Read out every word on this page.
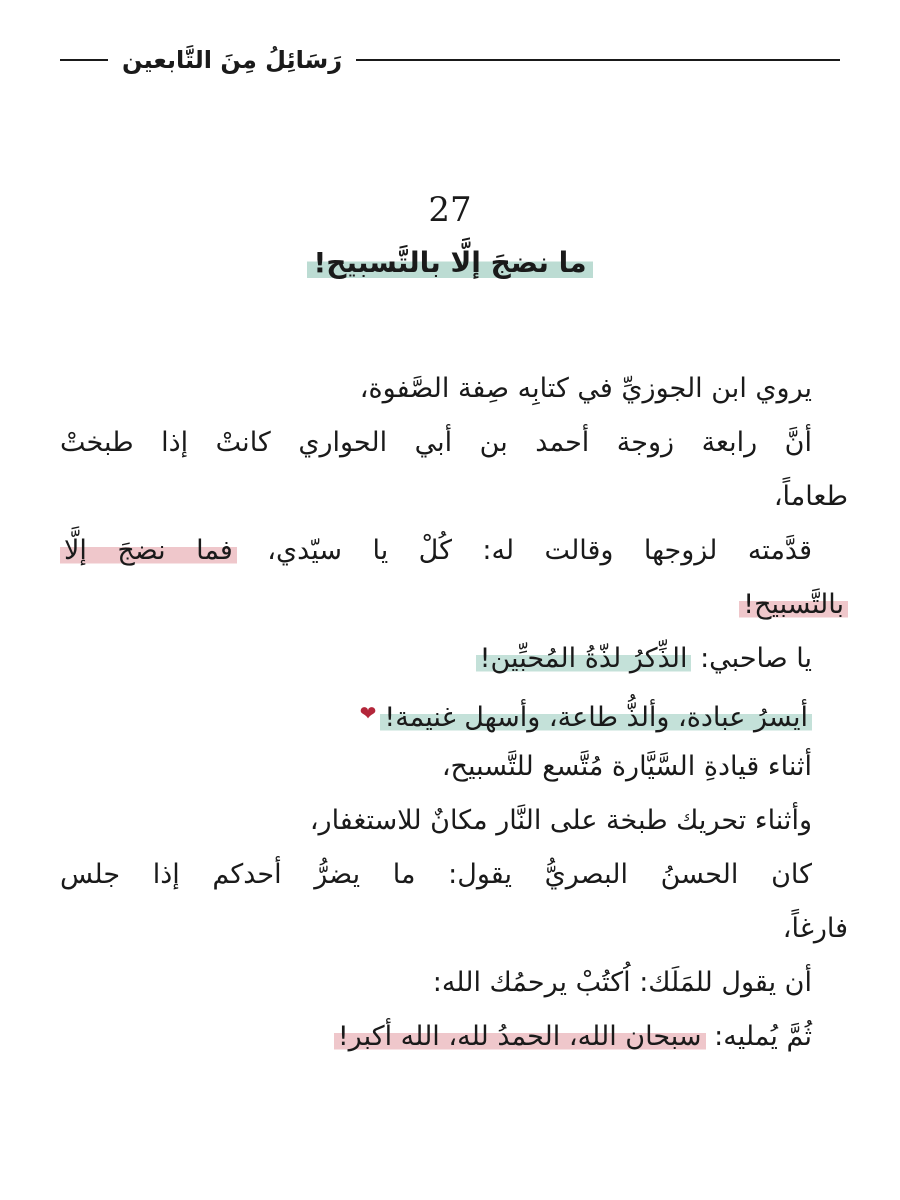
رَسَائِلُ مِنَ التَّابعين
27
ما نضجَ إلَّا بالتَّسبيح!
يروي ابن الجوزيِّ في كتابِه صِفة الصَّفوة،
أنَّ رابعة زوجة أحمد بن أبي الحواري كانتْ إذا طبختْ
طعاماً،
قدَّمته لزوجها وقالت له: كُلْ يا سيّدي، فما نضجَ إلَّا
بالتَّسبيح!
يا صاحبي: الذِّكرُ لذّةُ المُحبِّين!
أيسرُ عبادة، وألذُّ طاعة، وأسهل غنيمة!❤
أثناء قيادةِ السَّيَّارة مُتَّسع للتَّسبيح،
وأثناء تحريك طبخة على النَّار مكانٌ للاستغفار،
كان الحسنُ البصريُّ يقول: ما يضرُّ أحدكم إذا جلس
فارغاً،
أن يقول للمَلَك: اُكتُبْ يرحمُك الله:
ثُمَّ يُمليه: سبحان الله، الحمدُ لله، الله أكبر!
